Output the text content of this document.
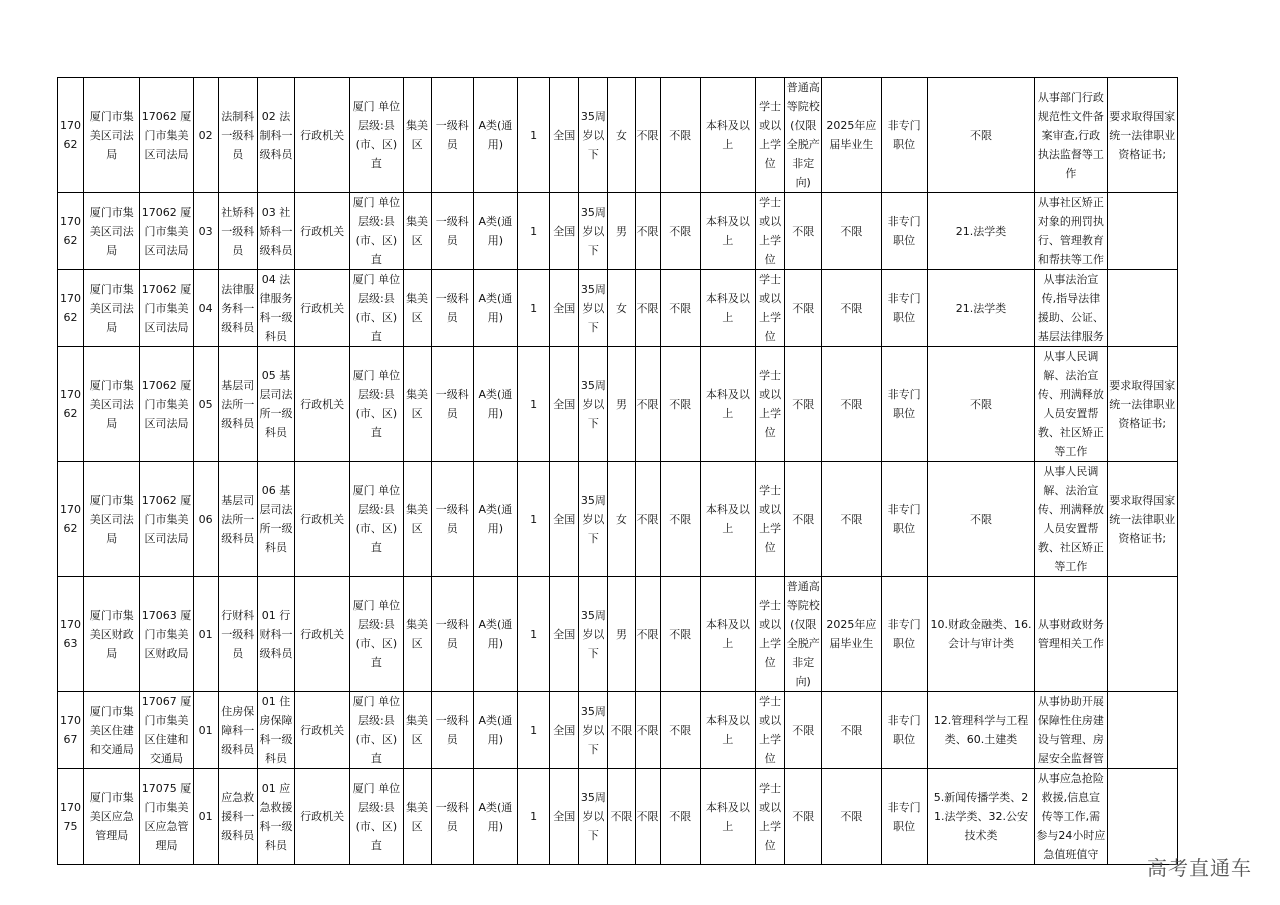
17062	厦门市集美区司法局	17062 厦门市集美区司法局	02	法制科一级科员	02 法制科一级科员	行政机关	厦门 单位层级:县(市、区)直	集美区	一级科员	A类(通用)	1	全国	35周岁以下	女	不限	不限	本科及以上	学士或以上学位	普通高等院校(仅限全脱产非定向)	2025年应届毕业生	非专门职位	不限	从事部门行政规范性文件备案审查,行政执法监督等工作	要求取得国家统一法律职业资格证书;
17062	厦门市集美区司法局	17062 厦门市集美区司法局	03	社矫科一级科员	03 社矫科一级科员	行政机关	厦门 单位层级:县(市、区)直	集美区	一级科员	A类(通用)	1	全国	35周岁以下	男	不限	不限	本科及以上	学士或以上学位	不限	不限	非专门职位	21.法学类	从事社区矫正对象的刑罚执行、管理教育和帮扶等工作	
17062	厦门市集美区司法局	17062 厦门市集美区司法局	04	法律服务科一级科员	04 法律服务科一级科员	行政机关	厦门 单位层级:县(市、区)直	集美区	一级科员	A类(通用)	1	全国	35周岁以下	女	不限	不限	本科及以上	学士或以上学位	不限	不限	非专门职位	21.法学类	从事法治宣传,指导法律援助、公证、基层法律服务	
17062	厦门市集美区司法局	17062 厦门市集美区司法局	05	基层司法所一级科员	05 基层司法所一级科员	行政机关	厦门 单位层级:县(市、区)直	集美区	一级科员	A类(通用)	1	全国	35周岁以下	男	不限	不限	本科及以上	学士或以上学位	不限	不限	非专门职位	不限	从事人民调解、法治宣传、刑满释放人员安置帮教、社区矫正等工作	要求取得国家统一法律职业资格证书;
17062	厦门市集美区司法局	17062 厦门市集美区司法局	06	基层司法所一级科员	06 基层司法所一级科员	行政机关	厦门 单位层级:县(市、区)直	集美区	一级科员	A类(通用)	1	全国	35周岁以下	女	不限	不限	本科及以上	学士或以上学位	不限	不限	非专门职位	不限	从事人民调解、法治宣传、刑满释放人员安置帮教、社区矫正等工作	要求取得国家统一法律职业资格证书;
17063	厦门市集美区财政局	17063 厦门市集美区财政局	01	行财科一级科员	01 行财科一级科员	行政机关	厦门 单位层级:县(市、区)直	集美区	一级科员	A类(通用)	1	全国	35周岁以下	男	不限	不限	本科及以上	学士或以上学位	普通高等院校(仅限全脱产非定向)	2025年应届毕业生	非专门职位	10.财政金融类、16.会计与审计类	从事财政财务管理相关工作	
17067	厦门市集美区住建和交通局	17067 厦门市集美区住建和交通局	01	住房保障科一级科员	01 住房保障科一级科员	行政机关	厦门 单位层级:县(市、区)直	集美区	一级科员	A类(通用)	1	全国	35周岁以下	不限	不限	不限	本科及以上	学士或以上学位	不限	不限	非专门职位	12.管理科学与工程类、60.土建类	从事协助开展保障性住房建设与管理、房屋安全监督管	
17075	厦门市集美区应急管理局	17075 厦门市集美区应急管理局	01	应急救援科一级科员	01 应急救援科一级科员	行政机关	厦门 单位层级:县(市、区)直	集美区	一级科员	A类(通用)	1	全国	35周岁以下	不限	不限	不限	本科及以上	学士或以上学位	不限	不限	非专门职位	5.新闻传播学类、21.法学类、32.公安技术类	从事应急抢险救援,信息宣传等工作,需参与24小时应急值班值守	
高考直通车
